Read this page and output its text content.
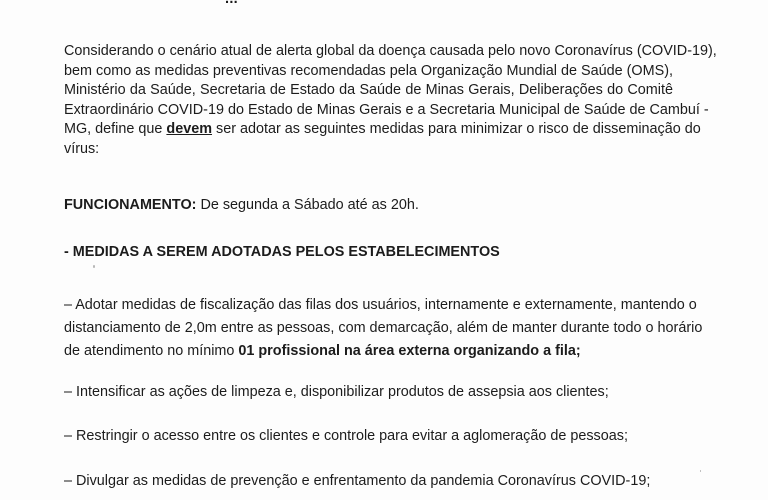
Considerando o cenário atual de alerta global da doença causada pelo novo Coronavírus (COVID-19),
bem como as medidas preventivas recomendadas pela Organização Mundial de Saúde (OMS),
Ministério da Saúde, Secretaria de Estado da Saúde de Minas Gerais, Deliberações do Comitê
Extraordinário COVID-19 do Estado de Minas Gerais e a Secretaria Municipal de Saúde de Cambuí -
MG, define que devem ser adotar as seguintes medidas para minimizar o risco de disseminação do
vírus:
FUNCIONAMENTO: De segunda a Sábado até as 20h.
- MEDIDAS A SEREM ADOTADAS PELOS ESTABELECIMENTOS
– Adotar medidas de fiscalização das filas dos usuários, internamente e externamente, mantendo o
distanciamento de 2,0m entre as pessoas, com demarcação, além de manter durante todo o horário
de atendimento no mínimo 01 profissional na área externa organizando a fila;
– Intensificar as ações de limpeza e, disponibilizar produtos de assepsia aos clientes;
– Restringir o acesso entre os clientes e controle para evitar a aglomeração de pessoas;
– Divulgar as medidas de prevenção e enfrentamento da pandemia Coronavírus COVID-19;
